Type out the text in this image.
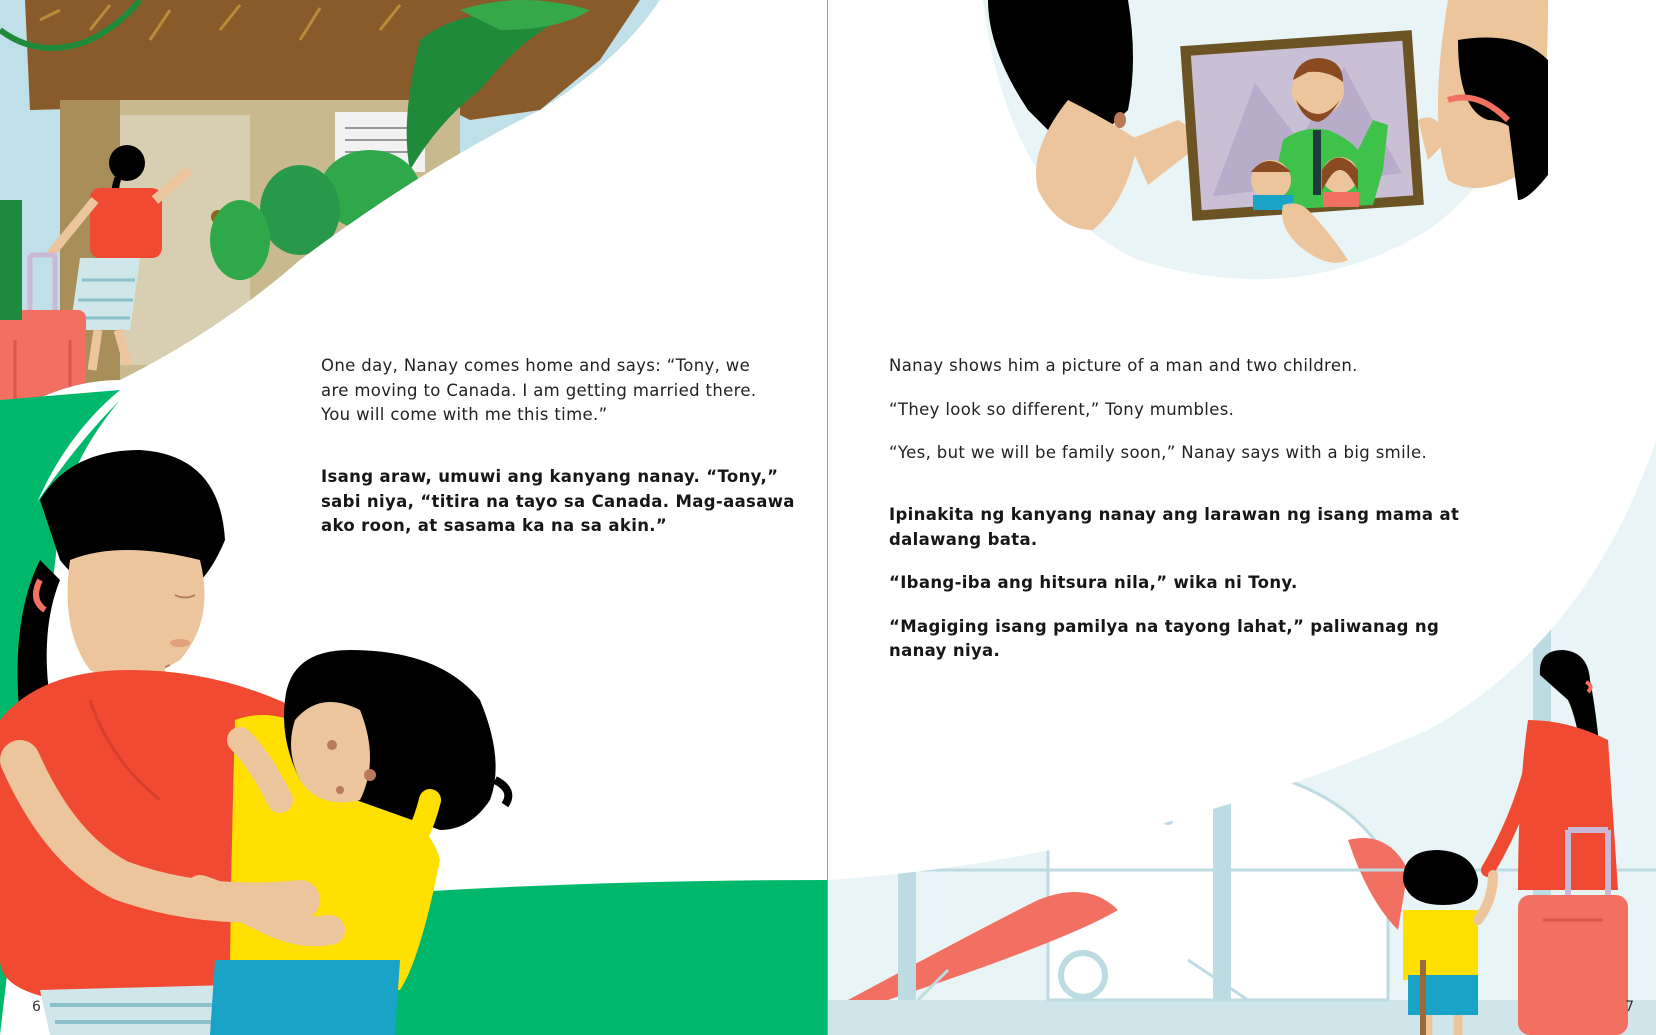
One day, Nanay comes home and says: “Tony, we

are moving to Canada. I am getting married there.

You will come with me this time.”

Isang araw, umuwi ang kanyang nanay. “Tony,”

sabi niya, “titira na tayo sa Canada. Mag-aasawa

ako roon, at sasama ka na sa akin.”

6

Nanay shows him a picture of a man and two children.

“They look so different,” Tony mumbles.

“Yes, but we will be family soon,” Nanay says with a big smile.

Ipinakita ng kanyang nanay ang larawan ng isang mama at

dalawang bata.

“Ibang-iba ang hitsura nila,” wika ni Tony.

“Magiging isang pamilya na tayong lahat,” paliwanag ng

nanay niya.

7
